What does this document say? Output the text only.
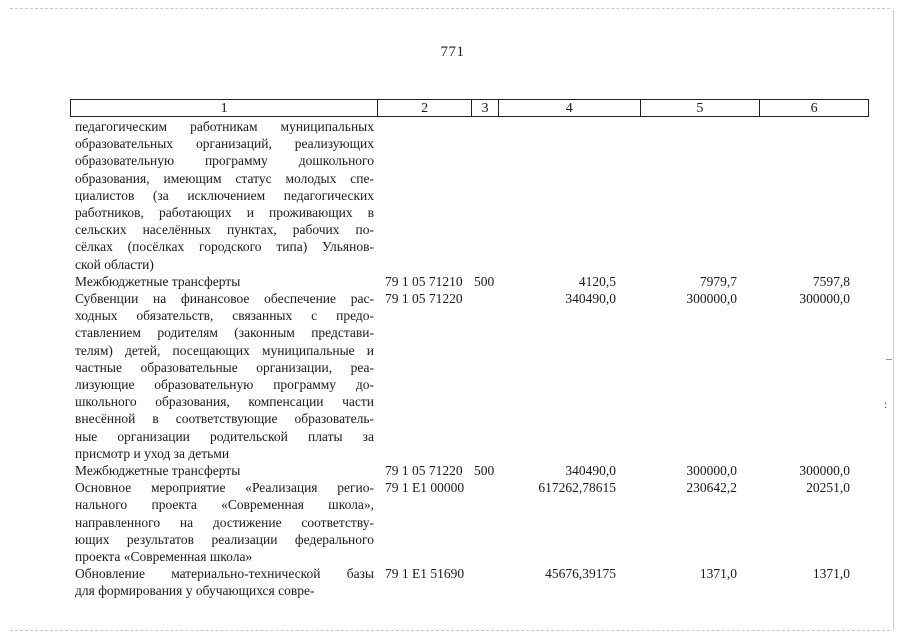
771
1	2	3	4	5	6
педагогическим работникам муниципальных
образовательных организаций, реализующих
образовательную программу дошкольного
образования, имеющим статус молодых спе-
циалистов (за исключением педагогических
работников, работающих и проживающих в
сельских населённых пунктах, рабочих по-
сёлках (посёлках городского типа) Ульянов-
ской области)
Межбюджетные трансферты	79 1 05 71210 500	4120,5	7979,7	7597,8
Субвенции на финансовое обеспечение рас-
ходных обязательств, связанных с предо-
ставлением родителям (законным представи-
телям) детей, посещающих муниципальные и
частные образовательные организации, реа-
лизующие образовательную программу до-
школьного образования, компенсации части
внесённой в соответствующие образователь-
ные организации родительской платы за
присмотр и уход за детьми
79 1 05 71220	340490,0	300000,0	300000,0
Межбюджетные трансферты	79 1 05 71220 500	340490,0	300000,0	300000,0
Основное мероприятие «Реализация регио-
нального проекта «Современная школа»,
направленного на достижение соответству-
ющих результатов реализации федерального
проекта «Современная школа»
79 1 E1 00000	617262,78615	230642,2	20251,0
Обновление материально-технической базы
для формирования у обучающихся совре-
79 1 E1 51690	45676,39175	1371,0	1371,0
–
:
